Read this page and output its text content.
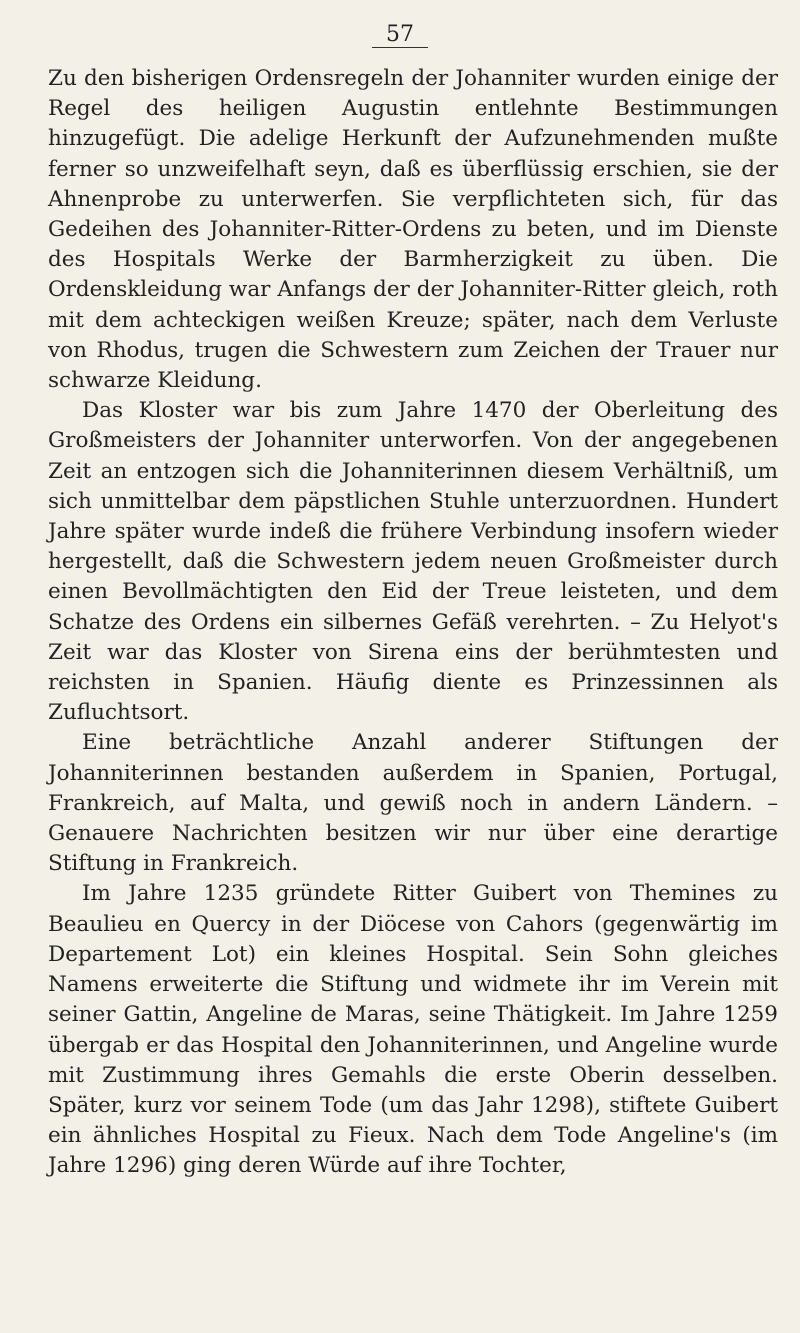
57

Zu den bisherigen Ordensregeln der Johanniter wurden einige der Regel des heiligen Augustin entlehnte Bestimmungen hinzugefügt. Die adelige Herkunft der Aufzunehmenden mußte ferner so unzweifelhaft seyn, daß es überflüssig erschien, sie der Ahnenprobe zu unterwerfen. Sie verpflichteten sich, für das Gedeihen des Johanniter-Ritter-Ordens zu beten, und im Dienste des Hospitals Werke der Barmherzigkeit zu üben. Die Ordenskleidung war Anfangs der der Johanniter-Ritter gleich, roth mit dem achteckigen weißen Kreuze; später, nach dem Verluste von Rhodus, trugen die Schwestern zum Zeichen der Trauer nur schwarze Kleidung.

Das Kloster war bis zum Jahre 1470 der Oberleitung des Großmeisters der Johanniter unterworfen. Von der angegebenen Zeit an entzogen sich die Johanniterinnen diesem Verhältniß, um sich unmittelbar dem päpstlichen Stuhle unterzuordnen. Hundert Jahre später wurde indeß die frühere Verbindung insofern wieder hergestellt, daß die Schwestern jedem neuen Großmeister durch einen Bevollmächtigten den Eid der Treue leisteten, und dem Schatze des Ordens ein silbernes Gefäß verehrten. – Zu Helyot's Zeit war das Kloster von Sirena eins der berühmtesten und reichsten in Spanien. Häufig diente es Prinzessinnen als Zufluchtsort.

Eine beträchtliche Anzahl anderer Stiftungen der Johanniterinnen bestanden außerdem in Spanien, Portugal, Frankreich, auf Malta, und gewiß noch in andern Ländern. – Genauere Nachrichten besitzen wir nur über eine derartige Stiftung in Frankreich.

Im Jahre 1235 gründete Ritter Guibert von Themines zu Beaulieu en Quercy in der Diöcese von Cahors (gegenwärtig im Departement Lot) ein kleines Hospital. Sein Sohn gleiches Namens erweiterte die Stiftung und widmete ihr im Verein mit seiner Gattin, Angeline de Maras, seine Thätigkeit. Im Jahre 1259 übergab er das Hospital den Johanniterinnen, und Angeline wurde mit Zustimmung ihres Gemahls die erste Oberin desselben. Später, kurz vor seinem Tode (um das Jahr 1298), stiftete Guibert ein ähnliches Hospital zu Fieux. Nach dem Tode Angeline's (im Jahre 1296) ging deren Würde auf ihre Tochter,
